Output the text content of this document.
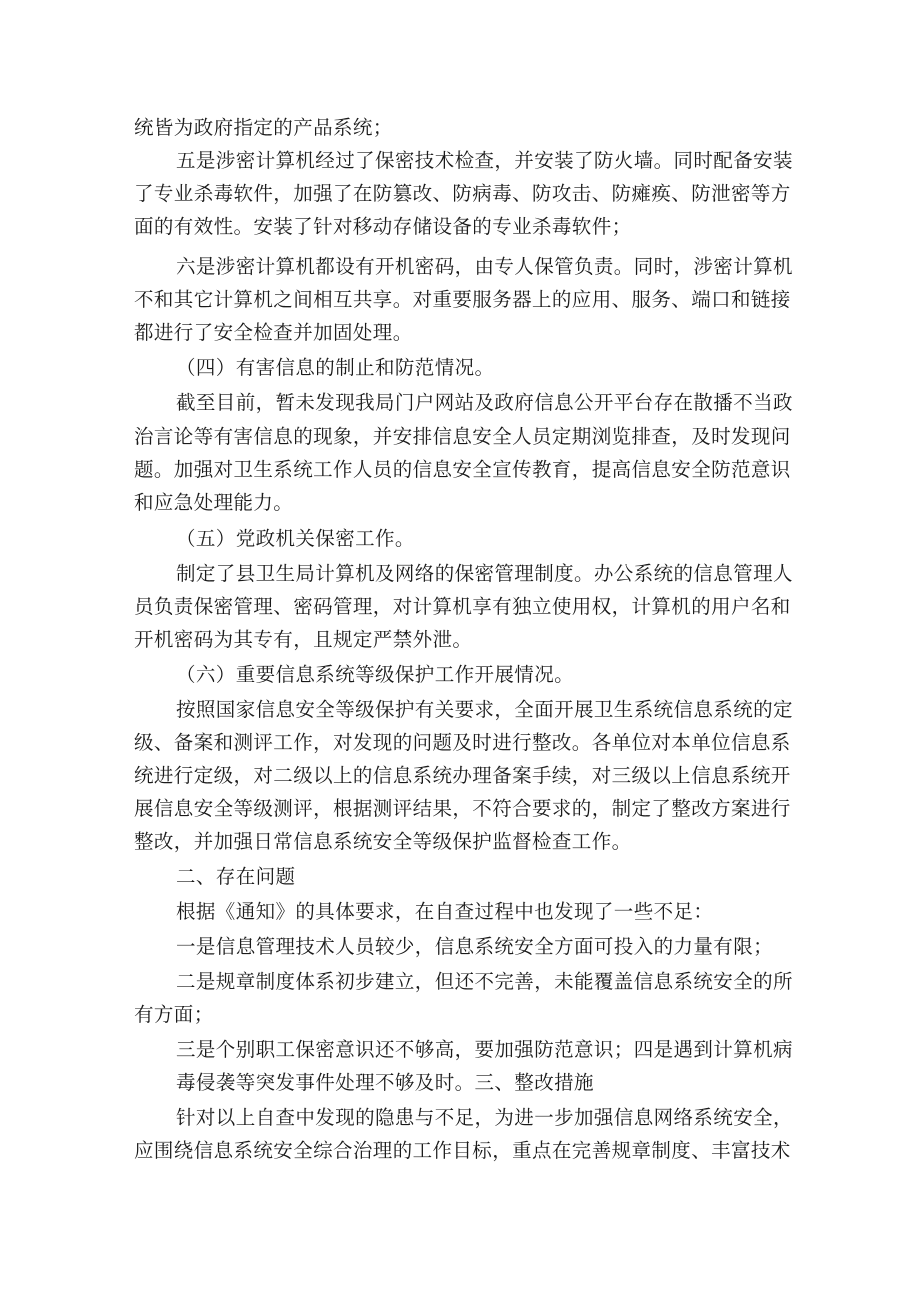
统皆为政府指定的产品系统；
五是涉密计算机经过了保密技术检查，并安装了防火墙。同时配备安装
了专业杀毒软件，加强了在防篡改、防病毒、防攻击、防瘫痪、防泄密等方
面的有效性。安装了针对移动存储设备的专业杀毒软件；
六是涉密计算机都设有开机密码，由专人保管负责。同时，涉密计算机
不和其它计算机之间相互共享。对重要服务器上的应用、服务、端口和链接
都进行了安全检查并加固处理。
（四）有害信息的制止和防范情况。
截至目前，暂未发现我局门户网站及政府信息公开平台存在散播不当政
治言论等有害信息的现象，并安排信息安全人员定期浏览排查，及时发现问
题。加强对卫生系统工作人员的信息安全宣传教育，提高信息安全防范意识
和应急处理能力。
（五）党政机关保密工作。
制定了县卫生局计算机及网络的保密管理制度。办公系统的信息管理人
员负责保密管理、密码管理，对计算机享有独立使用权，计算机的用户名和
开机密码为其专有，且规定严禁外泄。
（六）重要信息系统等级保护工作开展情况。
按照国家信息安全等级保护有关要求，全面开展卫生系统信息系统的定
级、备案和测评工作，对发现的问题及时进行整改。各单位对本单位信息系
统进行定级，对二级以上的信息系统办理备案手续，对三级以上信息系统开
展信息安全等级测评，根据测评结果，不符合要求的，制定了整改方案进行
整改，并加强日常信息系统安全等级保护监督检查工作。
二、存在问题
根据《通知》的具体要求，在自查过程中也发现了一些不足：
一是信息管理技术人员较少，信息系统安全方面可投入的力量有限；
二是规章制度体系初步建立，但还不完善，未能覆盖信息系统安全的所
有方面；
三是个别职工保密意识还不够高，要加强防范意识；四是遇到计算机病
毒侵袭等突发事件处理不够及时。三、整改措施
针对以上自查中发现的隐患与不足，为进一步加强信息网络系统安全，
应围绕信息系统安全综合治理的工作目标，重点在完善规章制度、丰富技术
